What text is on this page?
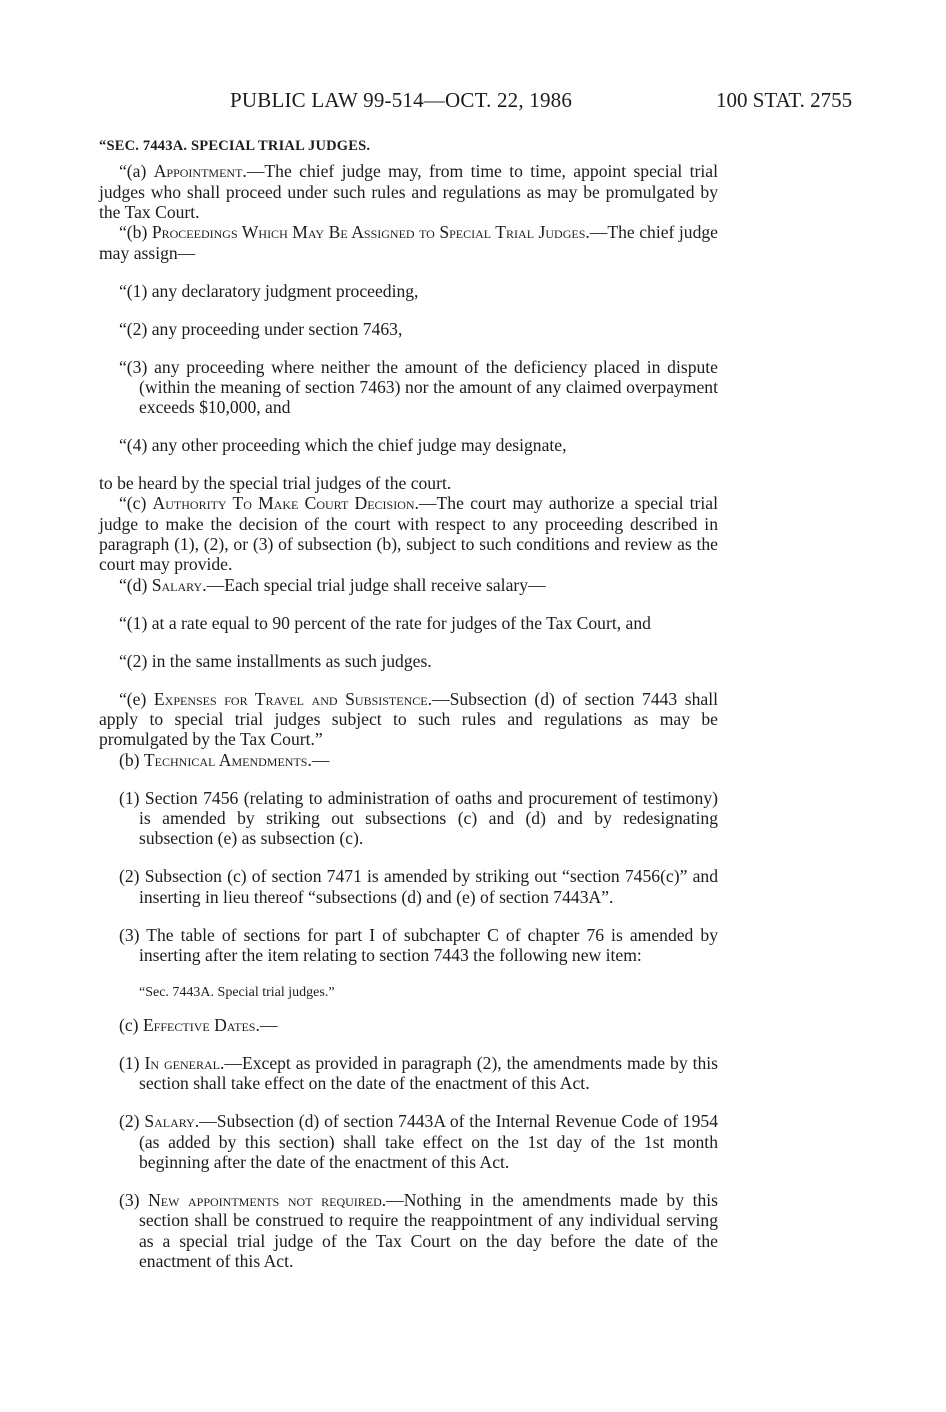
PUBLIC LAW 99-514—OCT. 22, 1986	100 STAT. 2755
“SEC. 7443A. SPECIAL TRIAL JUDGES.

“(a) Appointment.—The chief judge may, from time to time, appoint special trial judges who shall proceed under such rules and regulations as may be promulgated by the Tax Court.

“(b) Proceedings Which May Be Assigned to Special Trial Judges.—The chief judge may assign—

“(1) any declaratory judgment proceeding,

“(2) any proceeding under section 7463,

“(3) any proceeding where neither the amount of the deficiency placed in dispute (within the meaning of section 7463) nor the amount of any claimed overpayment exceeds $10,000, and

“(4) any other proceeding which the chief judge may designate,

to be heard by the special trial judges of the court.

“(c) Authority To Make Court Decision.—The court may authorize a special trial judge to make the decision of the court with respect to any proceeding described in paragraph (1), (2), or (3) of subsection (b), subject to such conditions and review as the court may provide.

“(d) Salary.—Each special trial judge shall receive salary—

“(1) at a rate equal to 90 percent of the rate for judges of the Tax Court, and

“(2) in the same installments as such judges.

“(e) Expenses for Travel and Subsistence.—Subsection (d) of section 7443 shall apply to special trial judges subject to such rules and regulations as may be promulgated by the Tax Court.”

(b) Technical Amendments.—

(1) Section 7456 (relating to administration of oaths and procurement of testimony) is amended by striking out subsections (c) and (d) and by redesignating subsection (e) as subsection (c).

(2) Subsection (c) of section 7471 is amended by striking out “section 7456(c)” and inserting in lieu thereof “subsections (d) and (e) of section 7443A”.

(3) The table of sections for part I of subchapter C of chapter 76 is amended by inserting after the item relating to section 7443 the following new item:

“Sec. 7443A. Special trial judges.”

(c) Effective Dates.—

(1) In general.—Except as provided in paragraph (2), the amendments made by this section shall take effect on the date of the enactment of this Act.

(2) Salary.—Subsection (d) of section 7443A of the Internal Revenue Code of 1954 (as added by this section) shall take effect on the 1st day of the 1st month beginning after the date of the enactment of this Act.

(3) New appointments not required.—Nothing in the amendments made by this section shall be construed to require the reappointment of any individual serving as a special trial judge of the Tax Court on the day before the date of the enactment of this Act.
